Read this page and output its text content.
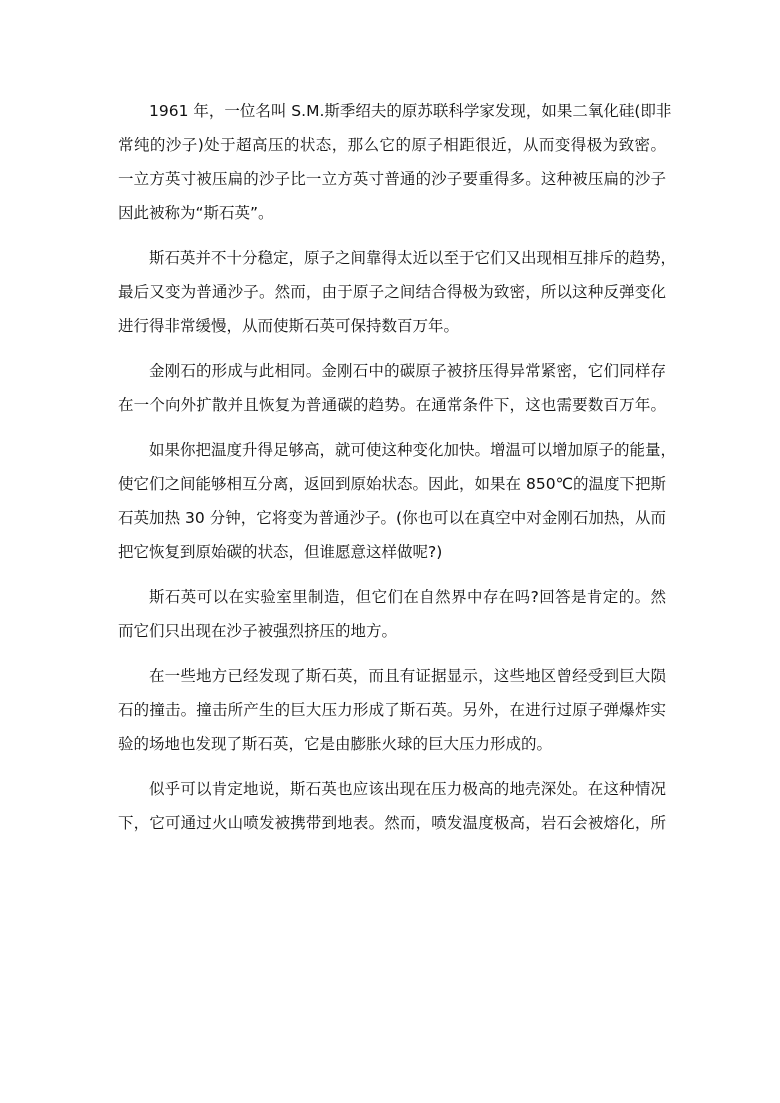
1961 年，一位名叫 S.M.斯季绍夫的原苏联科学家发现，如果二氧化硅(即非
常纯的沙子)处于超高压的状态，那么它的原子相距很近，从而变得极为致密。
一立方英寸被压扁的沙子比一立方英寸普通的沙子要重得多。这种被压扁的沙子
因此被称为“斯石英”。
斯石英并不十分稳定，原子之间靠得太近以至于它们又出现相互排斥的趋势，
最后又变为普通沙子。然而，由于原子之间结合得极为致密，所以这种反弹变化
进行得非常缓慢，从而使斯石英可保持数百万年。
金刚石的形成与此相同。金刚石中的碳原子被挤压得异常紧密，它们同样存
在一个向外扩散并且恢复为普通碳的趋势。在通常条件下，这也需要数百万年。
如果你把温度升得足够高，就可使这种变化加快。增温可以增加原子的能量，
使它们之间能够相互分离，返回到原始状态。因此，如果在 850℃的温度下把斯
石英加热 30 分钟，它将变为普通沙子。(你也可以在真空中对金刚石加热，从而
把它恢复到原始碳的状态，但谁愿意这样做呢?)
斯石英可以在实验室里制造，但它们在自然界中存在吗?回答是肯定的。然
而它们只出现在沙子被强烈挤压的地方。
在一些地方已经发现了斯石英，而且有证据显示，这些地区曾经受到巨大陨
石的撞击。撞击所产生的巨大压力形成了斯石英。另外，在进行过原子弹爆炸实
验的场地也发现了斯石英，它是由膨胀火球的巨大压力形成的。
似乎可以肯定地说，斯石英也应该出现在压力极高的地壳深处。在这种情况
下，它可通过火山喷发被携带到地表。然而，喷发温度极高，岩石会被熔化，所
